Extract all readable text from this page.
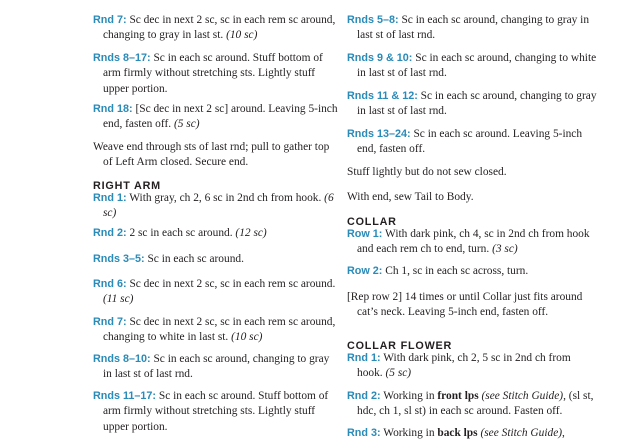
Rnd 7: Sc dec in next 2 sc, sc in each rem sc around, changing to gray in last st. (10 sc)
Rnds 8–17: Sc in each sc around. Stuff bottom of arm firmly without stretching sts. Lightly stuff upper portion.
Rnd 18: [Sc dec in next 2 sc] around. Leaving 5-inch end, fasten off. (5 sc)
Weave end through sts of last rnd; pull to gather top of Left Arm closed. Secure end.
RIGHT ARM
Rnd 1: With gray, ch 2, 6 sc in 2nd ch from hook. (6 sc)
Rnd 2: 2 sc in each sc around. (12 sc)
Rnds 3–5: Sc in each sc around.
Rnd 6: Sc dec in next 2 sc, sc in each rem sc around. (11 sc)
Rnd 7: Sc dec in next 2 sc, sc in each rem sc around, changing to white in last st. (10 sc)
Rnds 8–10: Sc in each sc around, changing to gray in last st of last rnd.
Rnds 11–17: Sc in each sc around. Stuff bottom of arm firmly without stretching sts. Lightly stuff upper portion.
Rnds 5–8: Sc in each sc around, changing to gray in last st of last rnd.
Rnds 9 & 10: Sc in each sc around, changing to white in last st of last rnd.
Rnds 11 & 12: Sc in each sc around, changing to gray in last st of last rnd.
Rnds 13–24: Sc in each sc around. Leaving 5-inch end, fasten off.
Stuff lightly but do not sew closed.
With end, sew Tail to Body.
COLLAR
Row 1: With dark pink, ch 4, sc in 2nd ch from hook and each rem ch to end, turn. (3 sc)
Row 2: Ch 1, sc in each sc across, turn.
[Rep row 2] 14 times or until Collar just fits around cat’s neck. Leaving 5-inch end, fasten off.
COLLAR FLOWER
Rnd 1: With dark pink, ch 2, 5 sc in 2nd ch from hook. (5 sc)
Rnd 2: Working in front lps (see Stitch Guide), (sl st, hdc, ch 1, sl st) in each sc around. Fasten off.
Rnd 3: Working in back lps (see Stitch Guide),
